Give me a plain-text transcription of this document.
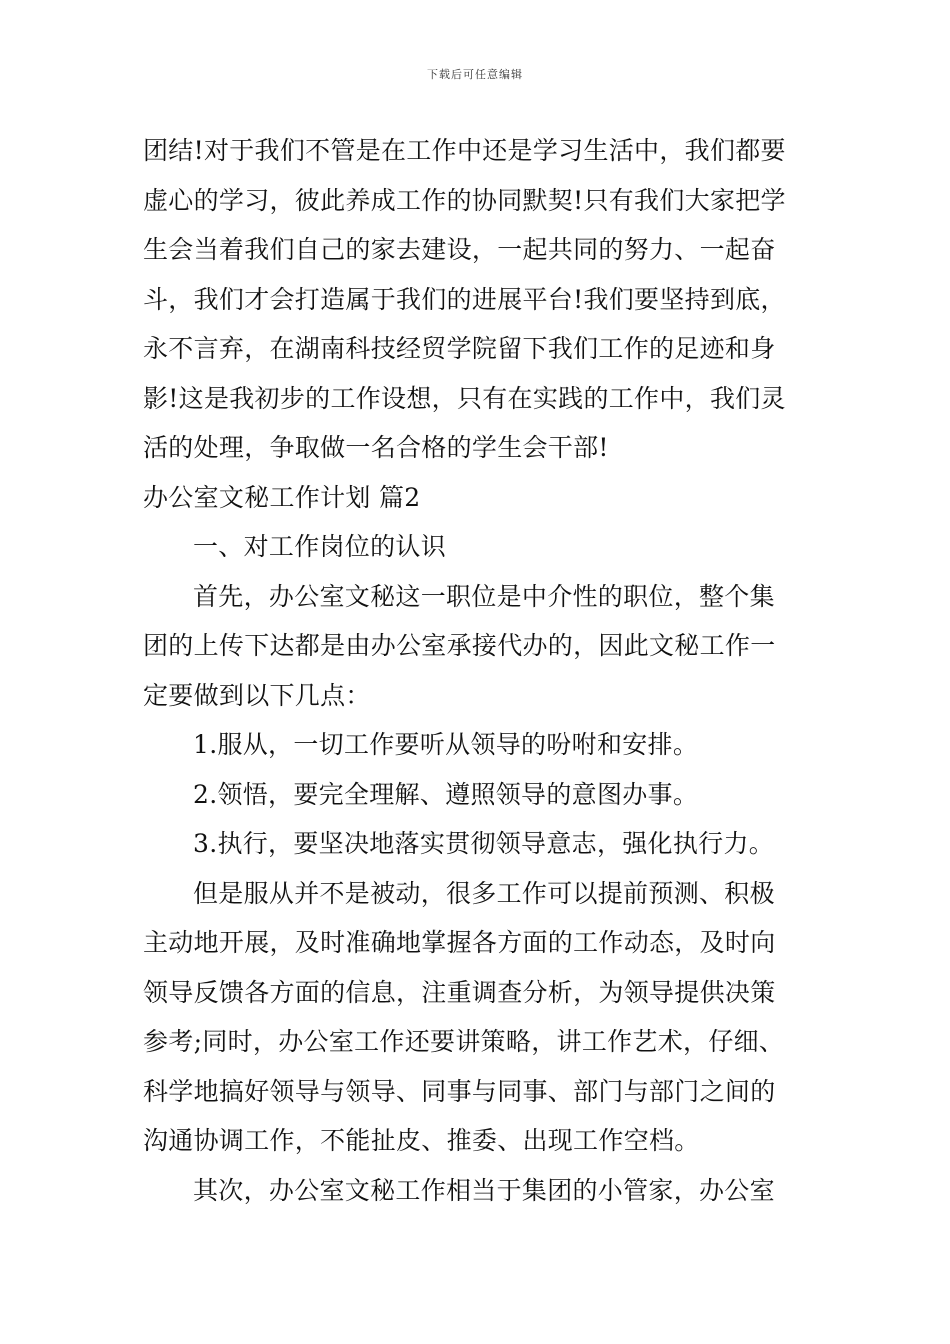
下载后可任意编辑
团结!对于我们不管是在工作中还是学习生活中，我们都要
虚心的学习，彼此养成工作的协同默契!只有我们大家把学
生会当着我们自己的家去建设，一起共同的努力、一起奋
斗，我们才会打造属于我们的进展平台!我们要坚持到底，
永不言弃，在湖南科技经贸学院留下我们工作的足迹和身
影!这是我初步的工作设想，只有在实践的工作中，我们灵
活的处理，争取做一名合格的学生会干部!
办公室文秘工作计划 篇2
一、对工作岗位的认识
首先，办公室文秘这一职位是中介性的职位，整个集
团的上传下达都是由办公室承接代办的，因此文秘工作一
定要做到以下几点：
1.服从，一切工作要听从领导的吩咐和安排。
2.领悟，要完全理解、遵照领导的意图办事。
3.执行，要坚决地落实贯彻领导意志，强化执行力。
但是服从并不是被动，很多工作可以提前预测、积极
主动地开展，及时准确地掌握各方面的工作动态，及时向
领导反馈各方面的信息，注重调查分析，为领导提供决策
参考;同时，办公室工作还要讲策略，讲工作艺术，仔细、
科学地搞好领导与领导、同事与同事、部门与部门之间的
沟通协调工作，不能扯皮、推委、出现工作空档。
其次，办公室文秘工作相当于集团的小管家，办公室
